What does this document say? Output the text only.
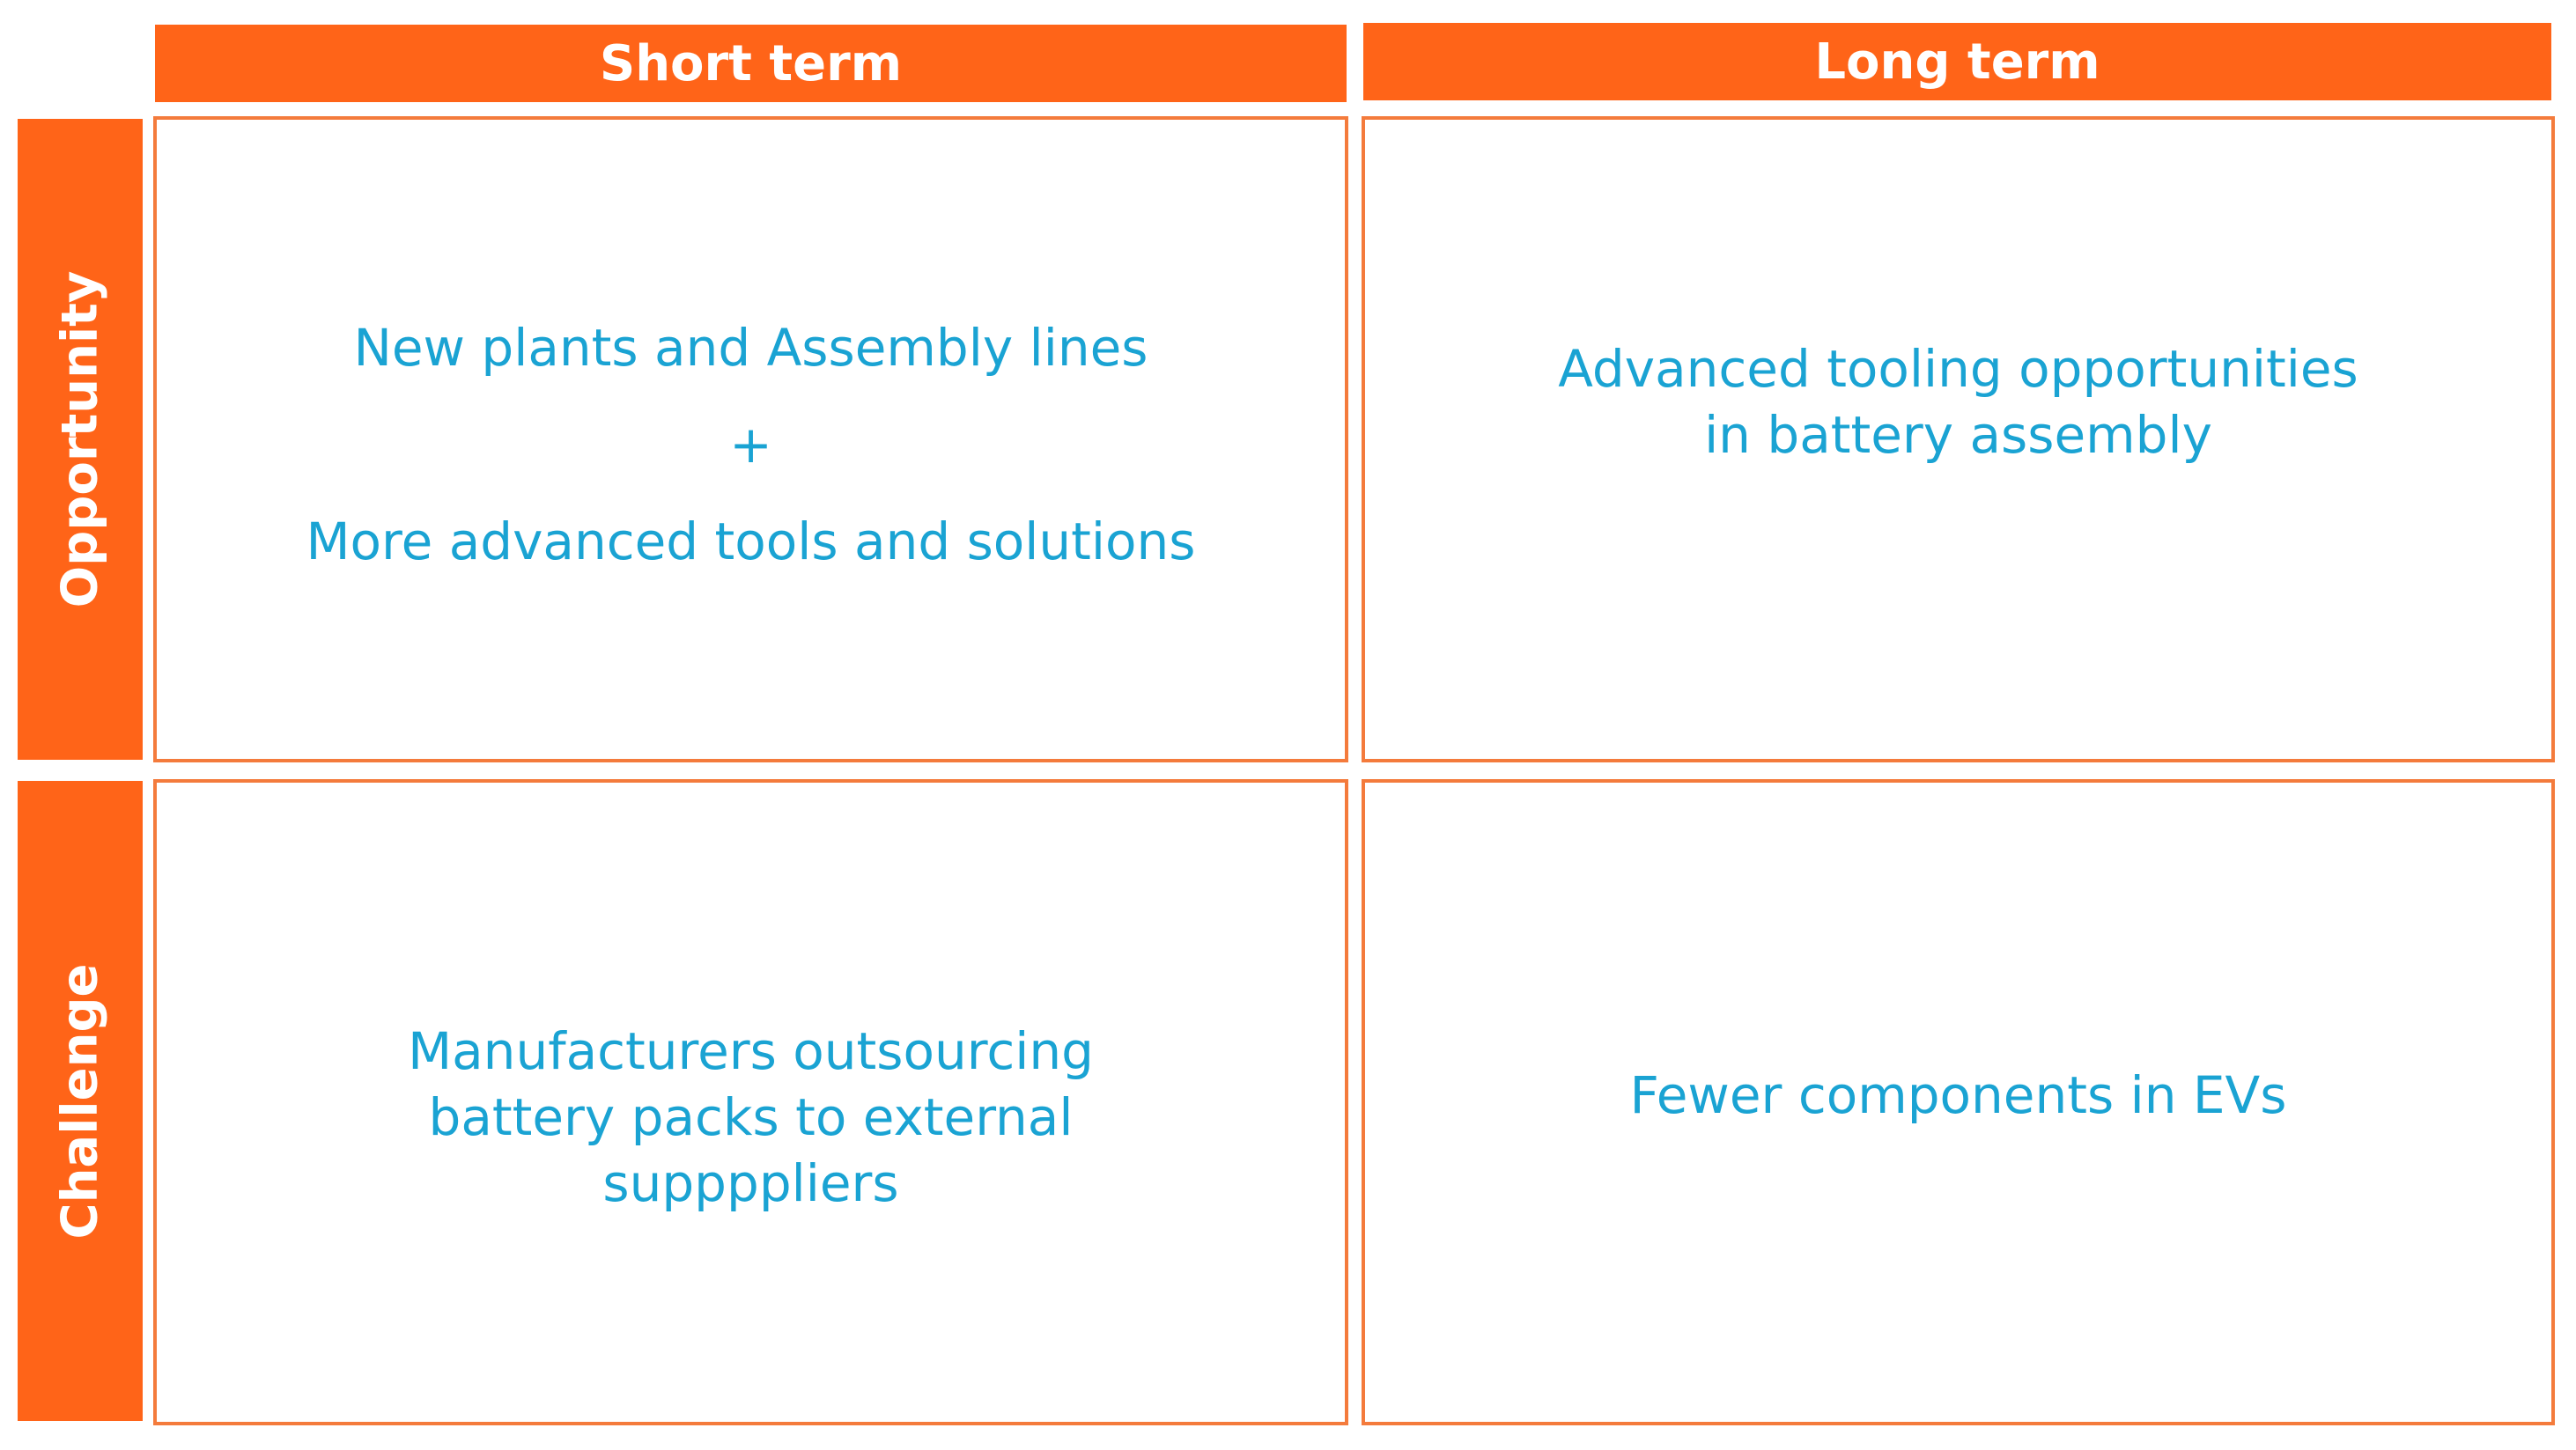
Short term	Long term
Opportunity
Challenge
New plants and Assembly lines
+
More advanced tools and solutions
Advanced tooling opportunities
in battery assembly
Manufacturers outsourcing
battery packs to external
suppppliers
Fewer components in EVs
